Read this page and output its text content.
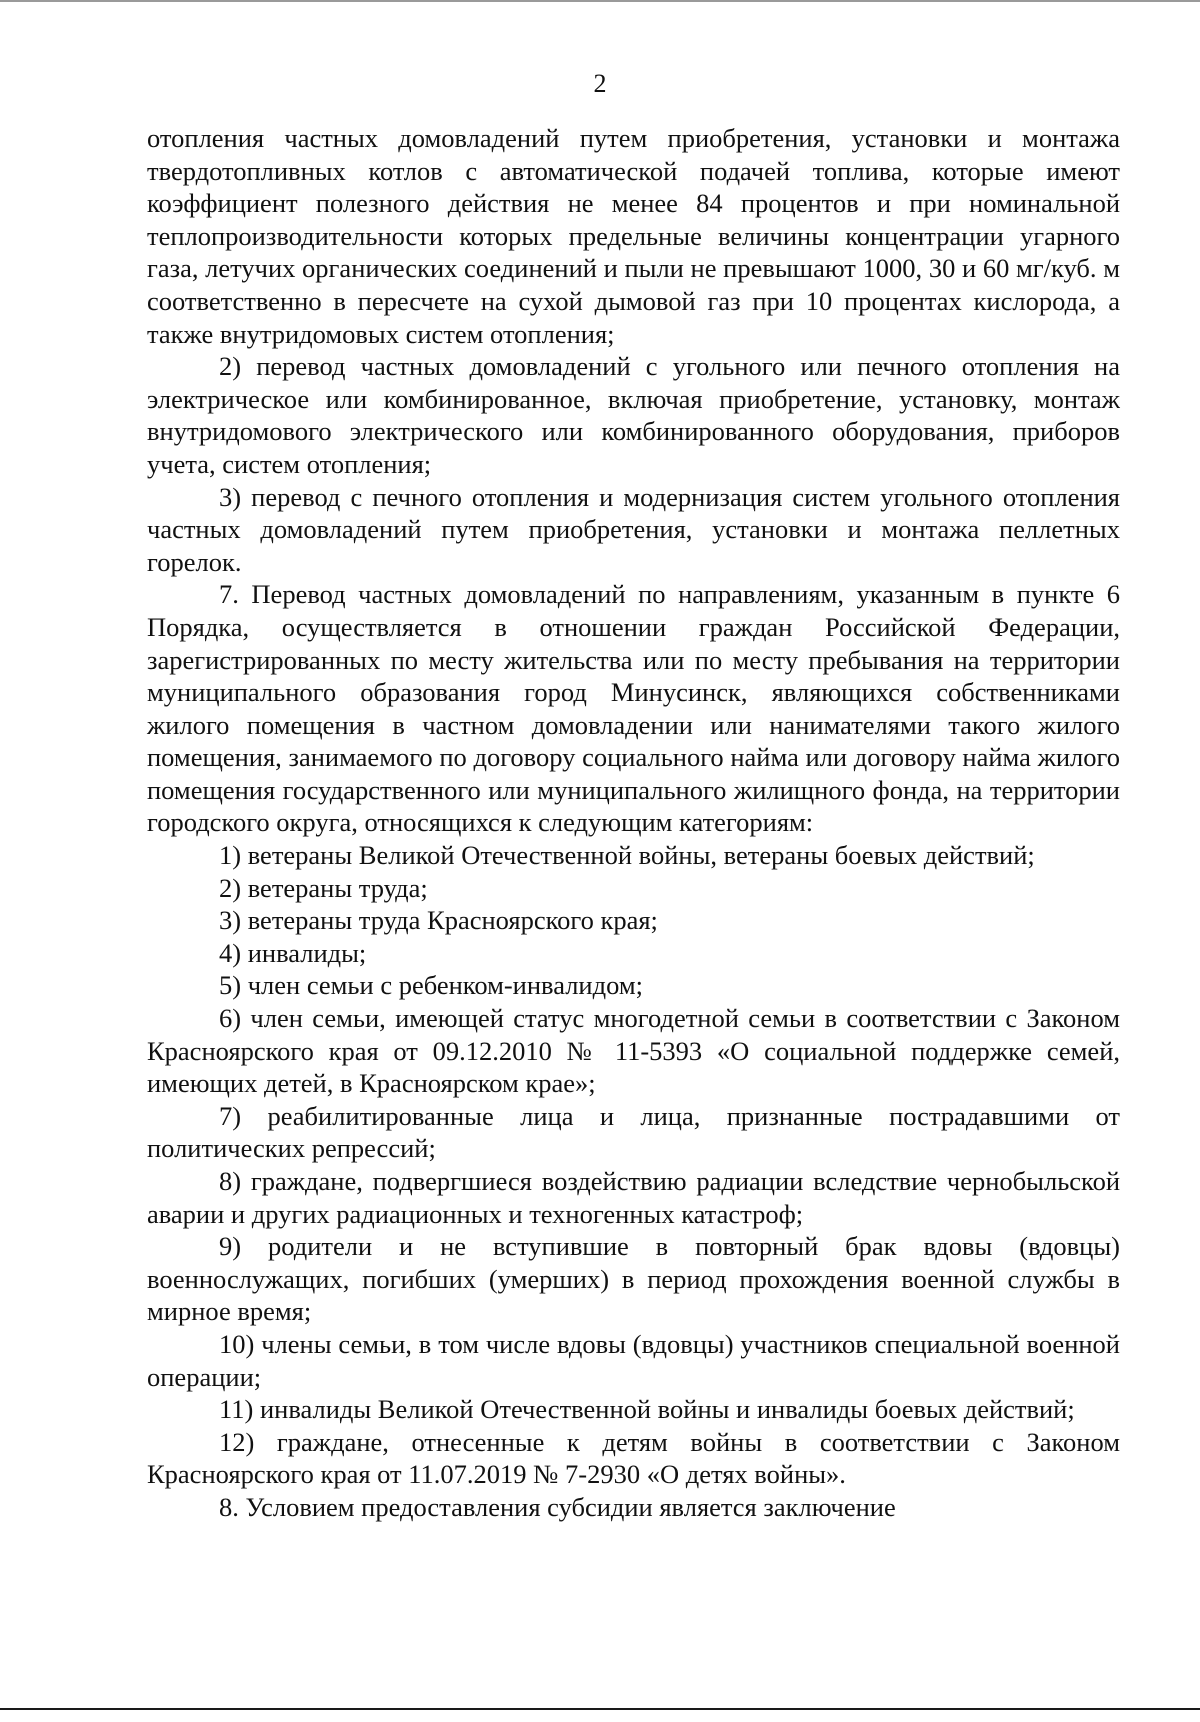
2

отопления частных домовладений путем приобретения, установки и монтажа твердотопливных котлов с автоматической подачей топлива, которые имеют коэффициент полезного действия не менее 84 процентов и при номинальной теплопроизводительности которых предельные величины концентрации угарного газа, летучих органических соединений и пыли не превышают 1000, 30 и 60 мг/куб. м соответственно в пересчете на сухой дымовой газ при 10 процентах кислорода, а также внутридомовых систем отопления;

2) перевод частных домовладений с угольного или печного отопления на электрическое или комбинированное, включая приобретение, установку, монтаж внутридомового электрического или комбинированного оборудования, приборов учета, систем отопления;

3) перевод с печного отопления и модернизация систем угольного отопления частных домовладений путем приобретения, установки и монтажа пеллетных горелок.

7. Перевод частных домовладений по направлениям, указанным в пункте 6 Порядка, осуществляется в отношении граждан Российской Федерации, зарегистрированных по месту жительства или по месту пребывания на территории муниципального образования город Минусинск, являющихся собственниками жилого помещения в частном домовладении или нанимателями такого жилого помещения, занимаемого по договору социального найма или договору найма жилого помещения государственного или муниципального жилищного фонда, на территории городского округа, относящихся к следующим категориям:

1) ветераны Великой Отечественной войны, ветераны боевых действий;

2) ветераны труда;

3) ветераны труда Красноярского края;

4) инвалиды;

5) член семьи с ребенком-инвалидом;

6) член семьи, имеющей статус многодетной семьи в соответствии с Законом Красноярского края от 09.12.2010 № 11-5393 «О социальной поддержке семей, имеющих детей, в Красноярском крае»;

7) реабилитированные лица и лица, признанные пострадавшими от политических репрессий;

8) граждане, подвергшиеся воздействию радиации вследствие чернобыльской аварии и других радиационных и техногенных катастроф;

9) родители и не вступившие в повторный брак вдовы (вдовцы) военнослужащих, погибших (умерших) в период прохождения военной службы в мирное время;

10) члены семьи, в том числе вдовы (вдовцы) участников специальной военной операции;

11) инвалиды Великой Отечественной войны и инвалиды боевых действий;

12) граждане, отнесенные к детям войны в соответствии с Законом Красноярского края от 11.07.2019 № 7-2930 «О детях войны».

8. Условием предоставления субсидии является заключение
